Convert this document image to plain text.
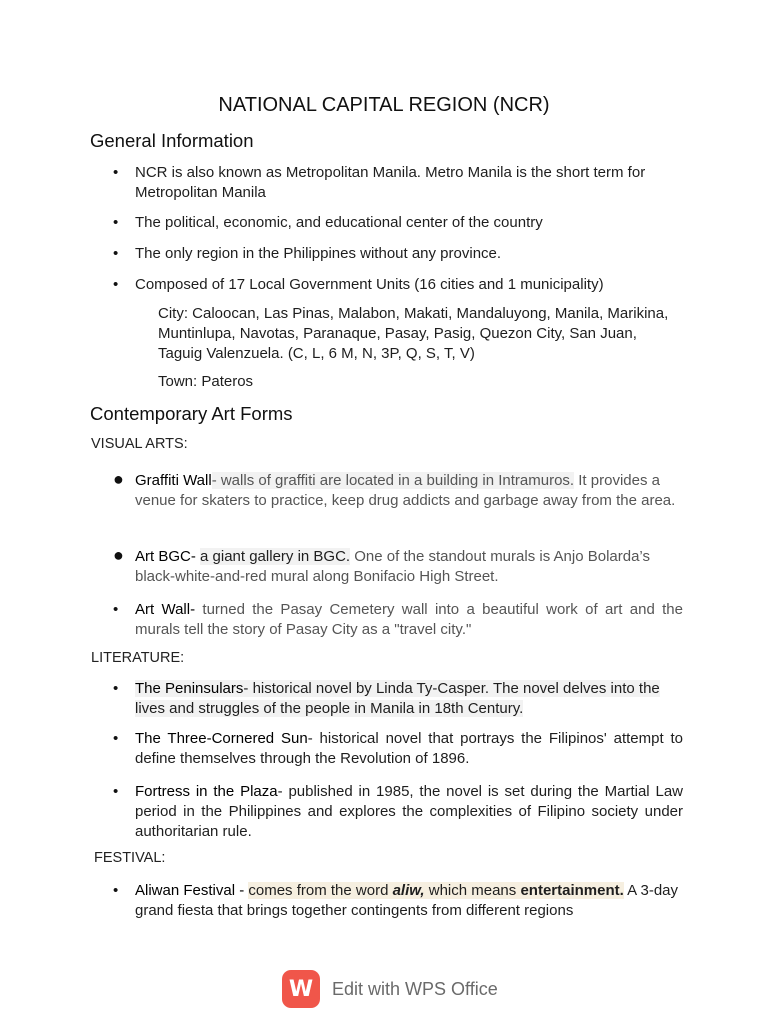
NATIONAL CAPITAL REGION (NCR)
General Information
• NCR is also known as Metropolitan Manila. Metro Manila is the short term for Metropolitan Manila
• The political, economic, and educational center of the country
• The only region in the Philippines without any province.
• Composed of 17 Local Government Units (16 cities and 1 municipality)
City: Caloocan, Las Pinas, Malabon, Makati, Mandaluyong, Manila, Marikina, Muntinlupa, Navotas, Paranaque, Pasay, Pasig, Quezon City, San Juan, Taguig Valenzuela. (C, L, 6 M, N, 3P, Q, S, T, V)
Town: Pateros
Contemporary Art Forms
VISUAL ARTS:
● Graffiti Wall- walls of graffiti are located in a building in Intramuros. It provides a venue for skaters to practice, keep drug addicts and garbage away from the area.
● Art BGC- a giant gallery in BGC. One of the standout murals is Anjo Bolarda’s black-white-and-red mural along Bonifacio High Street.
• Art Wall- turned the Pasay Cemetery wall into a beautiful work of art and the murals tell the story of Pasay City as a "travel city."
LITERATURE:
• The Peninsulars- historical novel by Linda Ty-Casper. The novel delves into the lives and struggles of the people in Manila in 18th Century.
• The Three-Cornered Sun- historical novel that portrays the Filipinos' attempt to define themselves through the Revolution of 1896.
• Fortress in the Plaza- published in 1985, the novel is set during the Martial Law period in the Philippines and explores the complexities of Filipino society under authoritarian rule.
FESTIVAL:
• Aliwan Festival - comes from the word aliw, which means entertainment. A 3-day grand fiesta that brings together contingents from different regions
W	Edit with WPS Office
